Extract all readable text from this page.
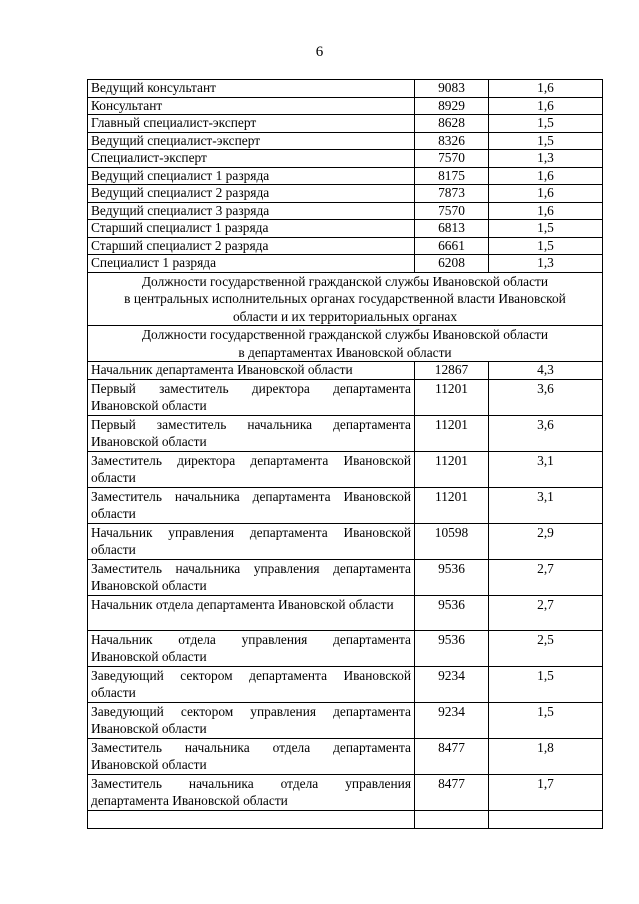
6
Ведущий консультант	9083	1,6
Консультант	8929	1,6
Главный специалист-эксперт	8628	1,5
Ведущий специалист-эксперт	8326	1,5
Специалист-эксперт	7570	1,3
Ведущий специалист 1 разряда	8175	1,6
Ведущий специалист 2 разряда	7873	1,6
Ведущий специалист 3 разряда	7570	1,6
Старший специалист 1 разряда	6813	1,5
Старший специалист 2 разряда	6661	1,5
Специалист 1 разряда	6208	1,3

Должности государственной гражданской службы Ивановской области
в центральных исполнительных органах государственной власти Ивановской
области и их территориальных органах		

Должности государственной гражданской службы Ивановской области
в департаментах Ивановской области		

Начальник департамента Ивановской области	12867	4,3
Первый заместитель директора департамента Ивановской области	11201	3,6
Первый заместитель начальника департамента Ивановской области	11201	3,6
Заместитель директора департамента Ивановской области	11201	3,1
Заместитель начальника департамента Ивановской области	11201	3,1
Начальник управления департамента Ивановской области	10598	2,9
Заместитель начальника управления департамента Ивановской области	9536	2,7
Начальник отдела департамента Ивановской области	9536	2,7
Начальник отдела управления департамента Ивановской области	9536	2,5
Заведующий сектором департамента Ивановской области	9234	1,5
Заведующий сектором управления департамента Ивановской области	9234	1,5
Заместитель начальника отдела департамента Ивановской области	8477	1,8
Заместитель начальника отдела управления департамента Ивановской области	8477	1,7
